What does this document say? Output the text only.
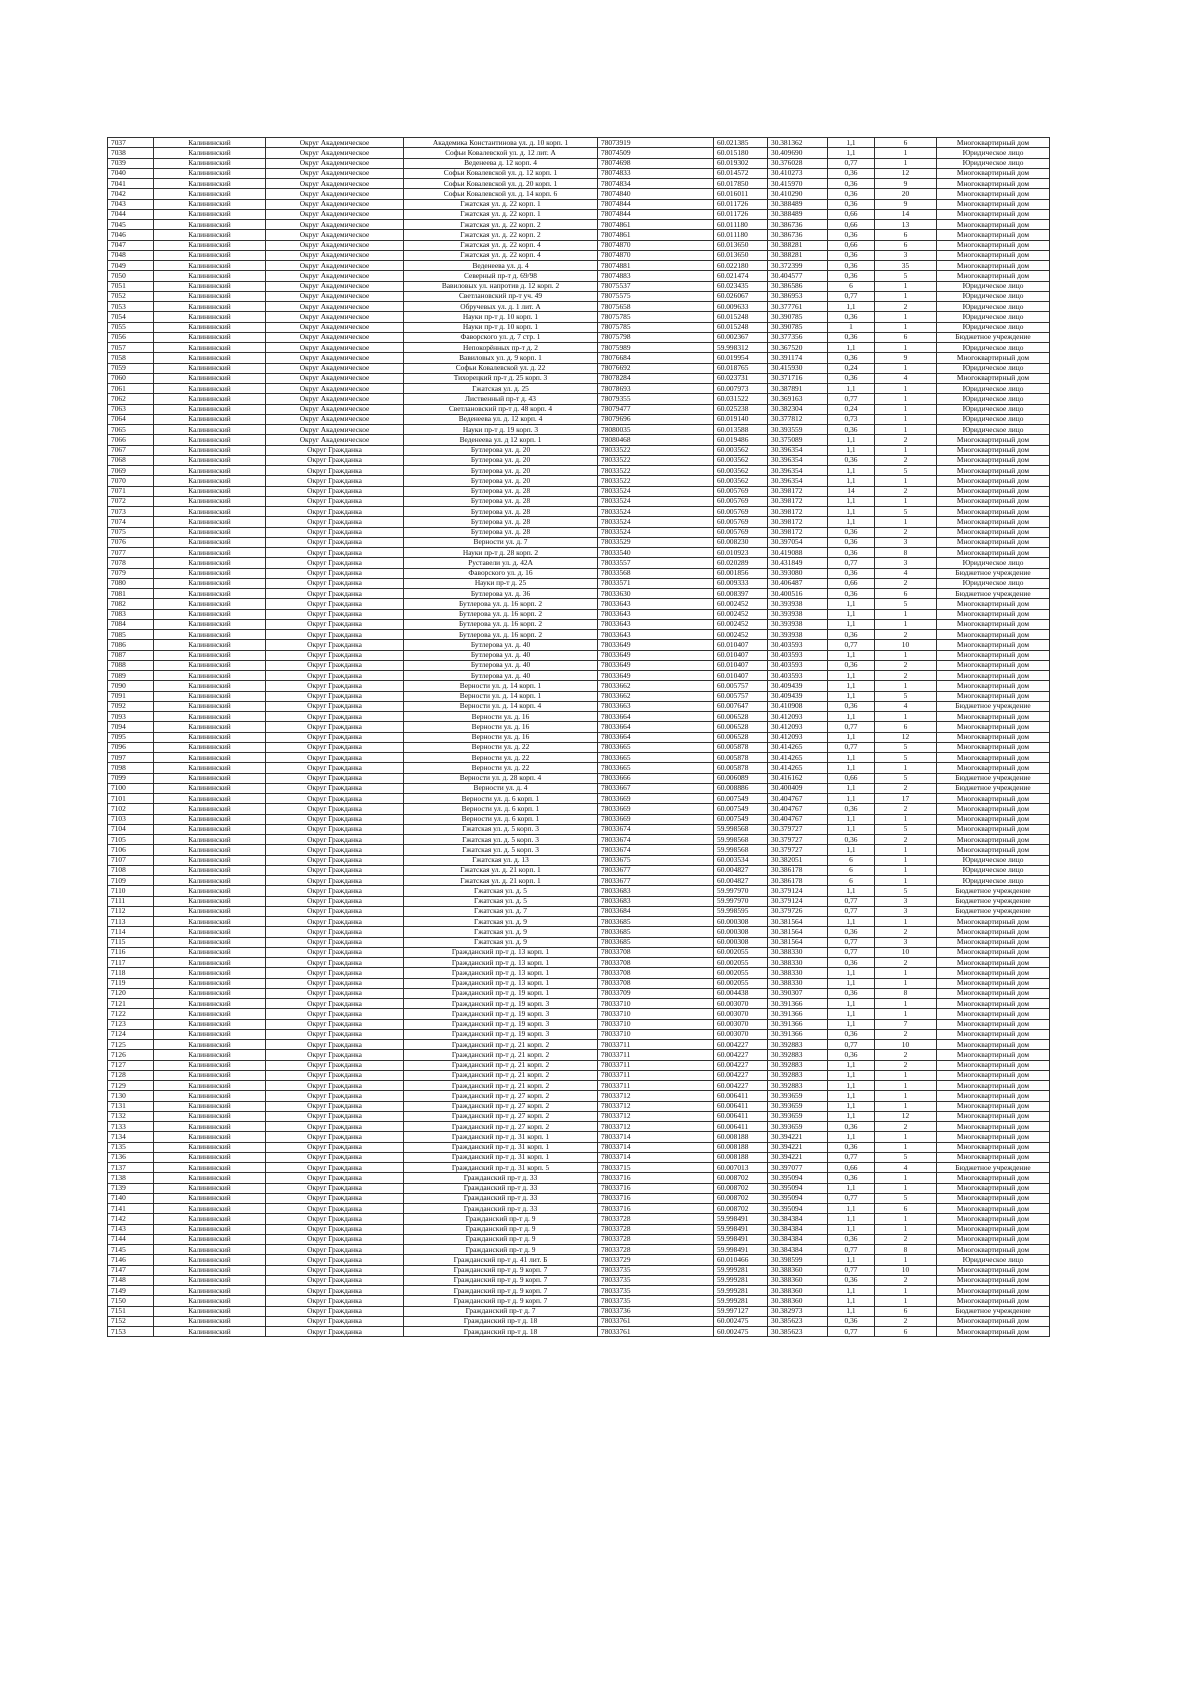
7037	Калининский	Округ Академическое	Академика Константинова ул. д. 10 корп. 1	78073919	60.021385	30.381362	1,1	6	Многоквартирный дом
7038	Калининский	Округ Академическое	Софьи Ковалевской ул. д. 12 лит. А	78074509	60.015180	30.409690	1,1	1	Юридическое лицо
7039	Калининский	Округ Академическое	Веденеева д. 12 корп. 4	78074698	60.019302	30.376028	0,77	1	Юридическое лицо
7040	Калининский	Округ Академическое	Софьи Ковалевской ул. д. 12 корп. 1	78074833	60.014572	30.410273	0,36	12	Многоквартирный дом
7041	Калининский	Округ Академическое	Софьи Ковалевской ул. д. 20 корп. 1	78074834	60.017850	30.415970	0,36	9	Многоквартирный дом
7042	Калининский	Округ Академическое	Софьи Ковалевской ул. д. 14 корп. 6	78074840	60.016011	30.410290	0,36	20	Многоквартирный дом
7043	Калининский	Округ Академическое	Гжатская ул. д. 22 корп. 1	78074844	60.011726	30.388489	0,36	9	Многоквартирный дом
7044	Калининский	Округ Академическое	Гжатская ул. д. 22 корп. 1	78074844	60.011726	30.388489	0,66	14	Многоквартирный дом
7045	Калининский	Округ Академическое	Гжатская ул. д. 22 корп. 2	78074861	60.011180	30.386736	0,66	13	Многоквартирный дом
7046	Калининский	Округ Академическое	Гжатская ул. д. 22 корп. 2	78074861	60.011180	30.386736	0,36	6	Многоквартирный дом
7047	Калининский	Округ Академическое	Гжатская ул. д. 22 корп. 4	78074870	60.013650	30.388281	0,66	6	Многоквартирный дом
7048	Калининский	Округ Академическое	Гжатская ул. д. 22 корп. 4	78074870	60.013650	30.388281	0,36	3	Многоквартирный дом
7049	Калининский	Округ Академическое	Веденеева ул. д. 4	78074881	60.022180	30.372399	0,36	35	Многоквартирный дом
7050	Калининский	Округ Академическое	Северный пр-т д. 69/98	78074883	60.021474	30.404577	0,36	5	Многоквартирный дом
7051	Калининский	Округ Академическое	Вавиловых ул. напротив д. 12 корп. 2	78075537	60.023435	30.386586	6	1	Юридическое лицо
7052	Калининский	Округ Академическое	Светлановский пр-т уч. 49	78075575	60.026067	30.386953	0,77	1	Юридическое лицо
7053	Калининский	Округ Академическое	Обручевых ул. д. 1 лит. А	78075658	60.009633	30.377761	1,1	2	Юридическое лицо
7054	Калининский	Округ Академическое	Науки пр-т д. 10 корп. 1	78075785	60.015248	30.390785	0,36	1	Юридическое лицо
7055	Калининский	Округ Академическое	Науки пр-т д. 10 корп. 1	78075785	60.015248	30.390785	1	1	Юридическое лицо
7056	Калининский	Округ Академическое	Фаворского ул. д. 7 стр. 1	78075798	60.002367	30.377356	0,36	6	Бюджетное учреждение
7057	Калининский	Округ Академическое	Непокорённых пр-т д. 2	78075989	59.998312	30.367520	1,1	1	Юридическое лицо
7058	Калининский	Округ Академическое	Вавиловых ул. д. 9 корп. 1	78076684	60.019954	30.391174	0,36	9	Многоквартирный дом
7059	Калининский	Округ Академическое	Софьи Ковалевской ул. д. 22	78076692	60.018765	30.415930	0,24	1	Юридическое лицо
7060	Калининский	Округ Академическое	Тихорецкий пр-т д. 25 корп. 3	78078284	60.023731	30.371716	0,36	4	Многоквартирный дом
7061	Калининский	Округ Академическое	Гжатская ул. д. 25	78078693	60.007973	30.387891	1,1	1	Юридическое лицо
7062	Калининский	Округ Академическое	Лиственный пр-т д. 43	78079355	60.031522	30.369163	0,77	1	Юридическое лицо
7063	Калининский	Округ Академическое	Светлановский пр-т д. 48 корп. 4	78079477	60.025238	30.382304	0,24	1	Юридическое лицо
7064	Калининский	Округ Академическое	Веденеева ул. д. 12 корп. 4	78079696	60.019140	30.377812	0,73	1	Юридическое лицо
7065	Калининский	Округ Академическое	Науки пр-т д. 19 корп. 3	78080035	60.013588	30.393559	0,36	1	Юридическое лицо
7066	Калининский	Округ Академическое	Веденеева ул. д 12 корп. 1	78080468	60.019486	30.375089	1,1	2	Многоквартирный дом
7067	Калининский	Округ Гражданка	Бутлерова ул. д. 20	78033522	60.003562	30.396354	1,1	1	Многоквартирный дом
7068	Калининский	Округ Гражданка	Бутлерова ул. д. 20	78033522	60.003562	30.396354	0,36	2	Многоквартирный дом
7069	Калининский	Округ Гражданка	Бутлерова ул. д. 20	78033522	60.003562	30.396354	1,1	5	Многоквартирный дом
7070	Калининский	Округ Гражданка	Бутлерова ул. д. 20	78033522	60.003562	30.396354	1,1	1	Многоквартирный дом
7071	Калининский	Округ Гражданка	Бутлерова ул. д. 28	78033524	60.005769	30.398172	14	2	Многоквартирный дом
7072	Калининский	Округ Гражданка	Бутлерова ул. д. 28	78033524	60.005769	30.398172	1,1	1	Многоквартирный дом
7073	Калининский	Округ Гражданка	Бутлерова ул. д. 28	78033524	60.005769	30.398172	1,1	5	Многоквартирный дом
7074	Калининский	Округ Гражданка	Бутлерова ул. д. 28	78033524	60.005769	30.398172	1,1	1	Многоквартирный дом
7075	Калининский	Округ Гражданка	Бутлерова ул. д. 28	78033524	60.005769	30.398172	0,36	2	Многоквартирный дом
7076	Калининский	Округ Гражданка	Верности ул. д. 7	78033529	60.008230	30.397054	0,36	3	Многоквартирный дом
7077	Калининский	Округ Гражданка	Науки пр-т д. 28 корп. 2	78033540	60.010923	30.419088	0,36	8	Многоквартирный дом
7078	Калининский	Округ Гражданка	Руставели ул. д. 42А	78033557	60.020289	30.431849	0,77	3	Юридическое лицо
7079	Калининский	Округ Гражданка	Фаворского ул. д. 16	78033568	60.001856	30.393080	0,36	4	Бюджетное учреждение
7080	Калининский	Округ Гражданка	Науки пр-т д. 25	78033571	60.009333	30.406487	0,66	2	Юридическое лицо
7081	Калининский	Округ Гражданка	Бутлерова ул. д. 36	78033630	60.008397	30.400516	0,36	6	Бюджетное учреждение
7082	Калининский	Округ Гражданка	Бутлерова ул. д. 16 корп. 2	78033643	60.002452	30.393938	1,1	5	Многоквартирный дом
7083	Калининский	Округ Гражданка	Бутлерова ул. д. 16 корп. 2	78033643	60.002452	30.393938	1,1	1	Многоквартирный дом
7084	Калининский	Округ Гражданка	Бутлерова ул. д. 16 корп. 2	78033643	60.002452	30.393938	1,1	1	Многоквартирный дом
7085	Калининский	Округ Гражданка	Бутлерова ул. д. 16 корп. 2	78033643	60.002452	30.393938	0,36	2	Многоквартирный дом
7086	Калининский	Округ Гражданка	Бутлерова ул. д. 40	78033649	60.010407	30.403593	0,77	10	Многоквартирный дом
7087	Калининский	Округ Гражданка	Бутлерова ул. д. 40	78033649	60.010407	30.403593	1,1	1	Многоквартирный дом
7088	Калининский	Округ Гражданка	Бутлерова ул. д. 40	78033649	60.010407	30.403593	0,36	2	Многоквартирный дом
7089	Калининский	Округ Гражданка	Бутлерова ул. д. 40	78033649	60.010407	30.403593	1,1	2	Многоквартирный дом
7090	Калининский	Округ Гражданка	Верности ул. д. 14 корп. 1	78033662	60.005757	30.409439	1,1	1	Многоквартирный дом
7091	Калининский	Округ Гражданка	Верности ул. д. 14 корп. 1	78033662	60.005757	30.409439	1,1	5	Многоквартирный дом
7092	Калининский	Округ Гражданка	Верности ул. д. 14 корп. 4	78033663	60.007647	30.410908	0,36	4	Бюджетное учреждение
7093	Калининский	Округ Гражданка	Верности ул. д. 16	78033664	60.006528	30.412093	1,1	1	Многоквартирный дом
7094	Калининский	Округ Гражданка	Верности ул. д. 16	78033664	60.006528	30.412093	0,77	6	Многоквартирный дом
7095	Калининский	Округ Гражданка	Верности ул. д. 16	78033664	60.006528	30.412093	1,1	12	Многоквартирный дом
7096	Калининский	Округ Гражданка	Верности ул. д. 22	78033665	60.005878	30.414265	0,77	5	Многоквартирный дом
7097	Калининский	Округ Гражданка	Верности ул. д. 22	78033665	60.005878	30.414265	1,1	5	Многоквартирный дом
7098	Калининский	Округ Гражданка	Верности ул. д. 22	78033665	60.005878	30.414265	1,1	1	Многоквартирный дом
7099	Калининский	Округ Гражданка	Верности ул. д. 28 корп. 4	78033666	60.006089	30.416162	0,66	5	Бюджетное учреждение
7100	Калининский	Округ Гражданка	Верности ул. д. 4	78033667	60.008886	30.400409	1,1	2	Бюджетное учреждение
7101	Калининский	Округ Гражданка	Верности ул. д. 6 корп. 1	78033669	60.007549	30.404767	1,1	17	Многоквартирный дом
7102	Калининский	Округ Гражданка	Верности ул. д. 6 корп. 1	78033669	60.007549	30.404767	0,36	2	Многоквартирный дом
7103	Калининский	Округ Гражданка	Верности ул. д. 6 корп. 1	78033669	60.007549	30.404767	1,1	1	Многоквартирный дом
7104	Калининский	Округ Гражданка	Гжатская ул. д. 5 корп. 3	78033674	59.998568	30.379727	1,1	5	Многоквартирный дом
7105	Калининский	Округ Гражданка	Гжатская ул. д. 5 корп. 3	78033674	59.998568	30.379727	0,36	2	Многоквартирный дом
7106	Калининский	Округ Гражданка	Гжатская ул. д. 5 корп. 3	78033674	59.998568	30.379727	1,1	1	Многоквартирный дом
7107	Калининский	Округ Гражданка	Гжатская ул. д. 13	78033675	60.003534	30.382051	6	1	Юридическое лицо
7108	Калининский	Округ Гражданка	Гжатская ул. д. 21 корп. 1	78033677	60.004827	30.386178	6	1	Юридическое лицо
7109	Калининский	Округ Гражданка	Гжатская ул. д. 21 корп. 1	78033677	60.004827	30.386178	6	1	Юридическое лицо
7110	Калининский	Округ Гражданка	Гжатская ул. д. 5	78033683	59.997970	30.379124	1,1	5	Бюджетное учреждение
7111	Калининский	Округ Гражданка	Гжатская ул. д. 5	78033683	59.997970	30.379124	0,77	3	Бюджетное учреждение
7112	Калининский	Округ Гражданка	Гжатская ул. д. 7	78033684	59.998595	30.379726	0,77	3	Бюджетное учреждение
7113	Калининский	Округ Гражданка	Гжатская ул. д. 9	78033685	60.000308	30.381564	1,1	1	Многоквартирный дом
7114	Калининский	Округ Гражданка	Гжатская ул. д. 9	78033685	60.000308	30.381564	0,36	2	Многоквартирный дом
7115	Калининский	Округ Гражданка	Гжатская ул. д. 9	78033685	60.000308	30.381564	0,77	3	Многоквартирный дом
7116	Калининский	Округ Гражданка	Гражданский пр-т д. 13 корп. 1	78033708	60.002055	30.388330	0,77	10	Многоквартирный дом
7117	Калининский	Округ Гражданка	Гражданский пр-т д. 13 корп. 1	78033708	60.002055	30.388330	0,36	2	Многоквартирный дом
7118	Калининский	Округ Гражданка	Гражданский пр-т д. 13 корп. 1	78033708	60.002055	30.388330	1,1	1	Многоквартирный дом
7119	Калининский	Округ Гражданка	Гражданский пр-т д. 13 корп. 1	78033708	60.002055	30.388330	1,1	1	Многоквартирный дом
7120	Калининский	Округ Гражданка	Гражданский пр-т д. 19 корп. 1	78033709	60.004438	30.390307	0,36	8	Многоквартирный дом
7121	Калининский	Округ Гражданка	Гражданский пр-т д. 19 корп. 3	78033710	60.003070	30.391366	1,1	1	Многоквартирный дом
7122	Калининский	Округ Гражданка	Гражданский пр-т д. 19 корп. 3	78033710	60.003070	30.391366	1,1	1	Многоквартирный дом
7123	Калининский	Округ Гражданка	Гражданский пр-т д. 19 корп. 3	78033710	60.003070	30.391366	1,1	7	Многоквартирный дом
7124	Калининский	Округ Гражданка	Гражданский пр-т д. 19 корп. 3	78033710	60.003070	30.391366	0,36	2	Многоквартирный дом
7125	Калининский	Округ Гражданка	Гражданский пр-т д. 21 корп. 2	78033711	60.004227	30.392883	0,77	10	Многоквартирный дом
7126	Калининский	Округ Гражданка	Гражданский пр-т д. 21 корп. 2	78033711	60.004227	30.392883	0,36	2	Многоквартирный дом
7127	Калининский	Округ Гражданка	Гражданский пр-т д. 21 корп. 2	78033711	60.004227	30.392883	1,1	2	Многоквартирный дом
7128	Калининский	Округ Гражданка	Гражданский пр-т д. 21 корп. 2	78033711	60.004227	30.392883	1,1	1	Многоквартирный дом
7129	Калининский	Округ Гражданка	Гражданский пр-т д. 21 корп. 2	78033711	60.004227	30.392883	1,1	1	Многоквартирный дом
7130	Калининский	Округ Гражданка	Гражданский пр-т д. 27 корп. 2	78033712	60.006411	30.393659	1,1	1	Многоквартирный дом
7131	Калининский	Округ Гражданка	Гражданский пр-т д. 27 корп. 2	78033712	60.006411	30.393659	1,1	1	Многоквартирный дом
7132	Калининский	Округ Гражданка	Гражданский пр-т д. 27 корп. 2	78033712	60.006411	30.393659	1,1	12	Многоквартирный дом
7133	Калининский	Округ Гражданка	Гражданский пр-т д. 27 корп. 2	78033712	60.006411	30.393659	0,36	2	Многоквартирный дом
7134	Калининский	Округ Гражданка	Гражданский пр-т д. 31 корп. 1	78033714	60.008188	30.394221	1,1	1	Многоквартирный дом
7135	Калининский	Округ Гражданка	Гражданский пр-т д. 31 корп. 1	78033714	60.008188	30.394221	0,36	1	Многоквартирный дом
7136	Калининский	Округ Гражданка	Гражданский пр-т д. 31 корп. 1	78033714	60.008188	30.394221	0,77	5	Многоквартирный дом
7137	Калининский	Округ Гражданка	Гражданский пр-т д. 31 корп. 5	78033715	60.007013	30.397077	0,66	4	Бюджетное учреждение
7138	Калининский	Округ Гражданка	Гражданский пр-т д. 33	78033716	60.008702	30.395094	0,36	1	Многоквартирный дом
7139	Калининский	Округ Гражданка	Гражданский пр-т д. 33	78033716	60.008702	30.395094	1,1	1	Многоквартирный дом
7140	Калининский	Округ Гражданка	Гражданский пр-т д. 33	78033716	60.008702	30.395094	0,77	5	Многоквартирный дом
7141	Калининский	Округ Гражданка	Гражданский пр-т д. 33	78033716	60.008702	30.395094	1,1	6	Многоквартирный дом
7142	Калининский	Округ Гражданка	Гражданский пр-т д. 9	78033728	59.998491	30.384384	1,1	1	Многоквартирный дом
7143	Калининский	Округ Гражданка	Гражданский пр-т д. 9	78033728	59.998491	30.384384	1,1	1	Многоквартирный дом
7144	Калининский	Округ Гражданка	Гражданский пр-т д. 9	78033728	59.998491	30.384384	0,36	2	Многоквартирный дом
7145	Калининский	Округ Гражданка	Гражданский пр-т д. 9	78033728	59.998491	30.384384	0,77	8	Многоквартирный дом
7146	Калининский	Округ Гражданка	Гражданский пр-т д. 41 лит. Б	78033729	60.010466	30.398599	1,1	1	Юридическое лицо
7147	Калининский	Округ Гражданка	Гражданский пр-т д. 9 корп. 7	78033735	59.999281	30.388360	0,77	10	Многоквартирный дом
7148	Калининский	Округ Гражданка	Гражданский пр-т д. 9 корп. 7	78033735	59.999281	30.388360	0,36	2	Многоквартирный дом
7149	Калининский	Округ Гражданка	Гражданский пр-т д. 9 корп. 7	78033735	59.999281	30.388360	1,1	1	Многоквартирный дом
7150	Калининский	Округ Гражданка	Гражданский пр-т д. 9 корп. 7	78033735	59.999281	30.388360	1,1	1	Многоквартирный дом
7151	Калининский	Округ Гражданка	Гражданский пр-т д. 7	78033736	59.997127	30.382973	1,1	6	Бюджетное учреждение
7152	Калининский	Округ Гражданка	Гражданский пр-т д. 18	78033761	60.002475	30.385623	0,36	2	Многоквартирный дом
7153	Калининский	Округ Гражданка	Гражданский пр-т д. 18	78033761	60.002475	30.385623	0,77	6	Многоквартирный дом
